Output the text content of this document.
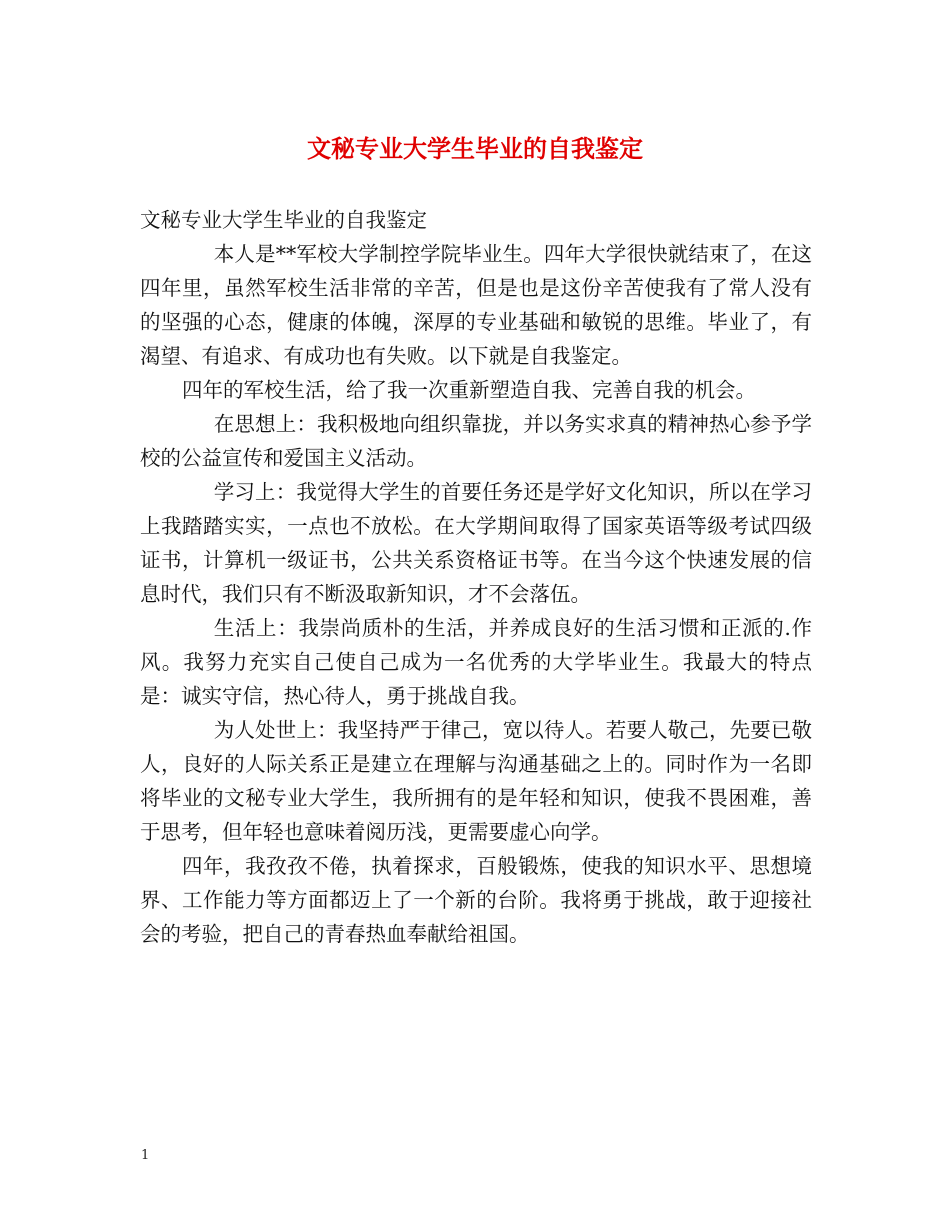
文秘专业大学生毕业的自我鉴定

文秘专业大学生毕业的自我鉴定

本人是**军校大学制控学院毕业生。四年大学很快就结束了，在这四年里，虽然军校生活非常的辛苦，但是也是这份辛苦使我有了常人没有的坚强的心态，健康的体魄，深厚的专业基础和敏锐的思维。毕业了，有渴望、有追求、有成功也有失败。以下就是自我鉴定。

四年的军校生活，给了我一次重新塑造自我、完善自我的机会。

在思想上：我积极地向组织靠拢，并以务实求真的精神热心参予学校的公益宣传和爱国主义活动。

学习上：我觉得大学生的首要任务还是学好文化知识，所以在学习上我踏踏实实，一点也不放松。在大学期间取得了国家英语等级考试四级证书，计算机一级证书，公共关系资格证书等。在当今这个快速发展的信息时代，我们只有不断汲取新知识，才不会落伍。

生活上：我崇尚质朴的生活，并养成良好的生活习惯和正派的.作风。我努力充实自己使自己成为一名优秀的大学毕业生。我最大的特点是：诚实守信，热心待人，勇于挑战自我。

为人处世上：我坚持严于律己，宽以待人。若要人敬己，先要已敬人，良好的人际关系正是建立在理解与沟通基础之上的。同时作为一名即将毕业的文秘专业大学生，我所拥有的是年轻和知识，使我不畏困难，善于思考，但年轻也意味着阅历浅，更需要虚心向学。

四年，我孜孜不倦，执着探求，百般锻炼，使我的知识水平、思想境界、工作能力等方面都迈上了一个新的台阶。我将勇于挑战，敢于迎接社会的考验，把自己的青春热血奉献给祖国。

1
